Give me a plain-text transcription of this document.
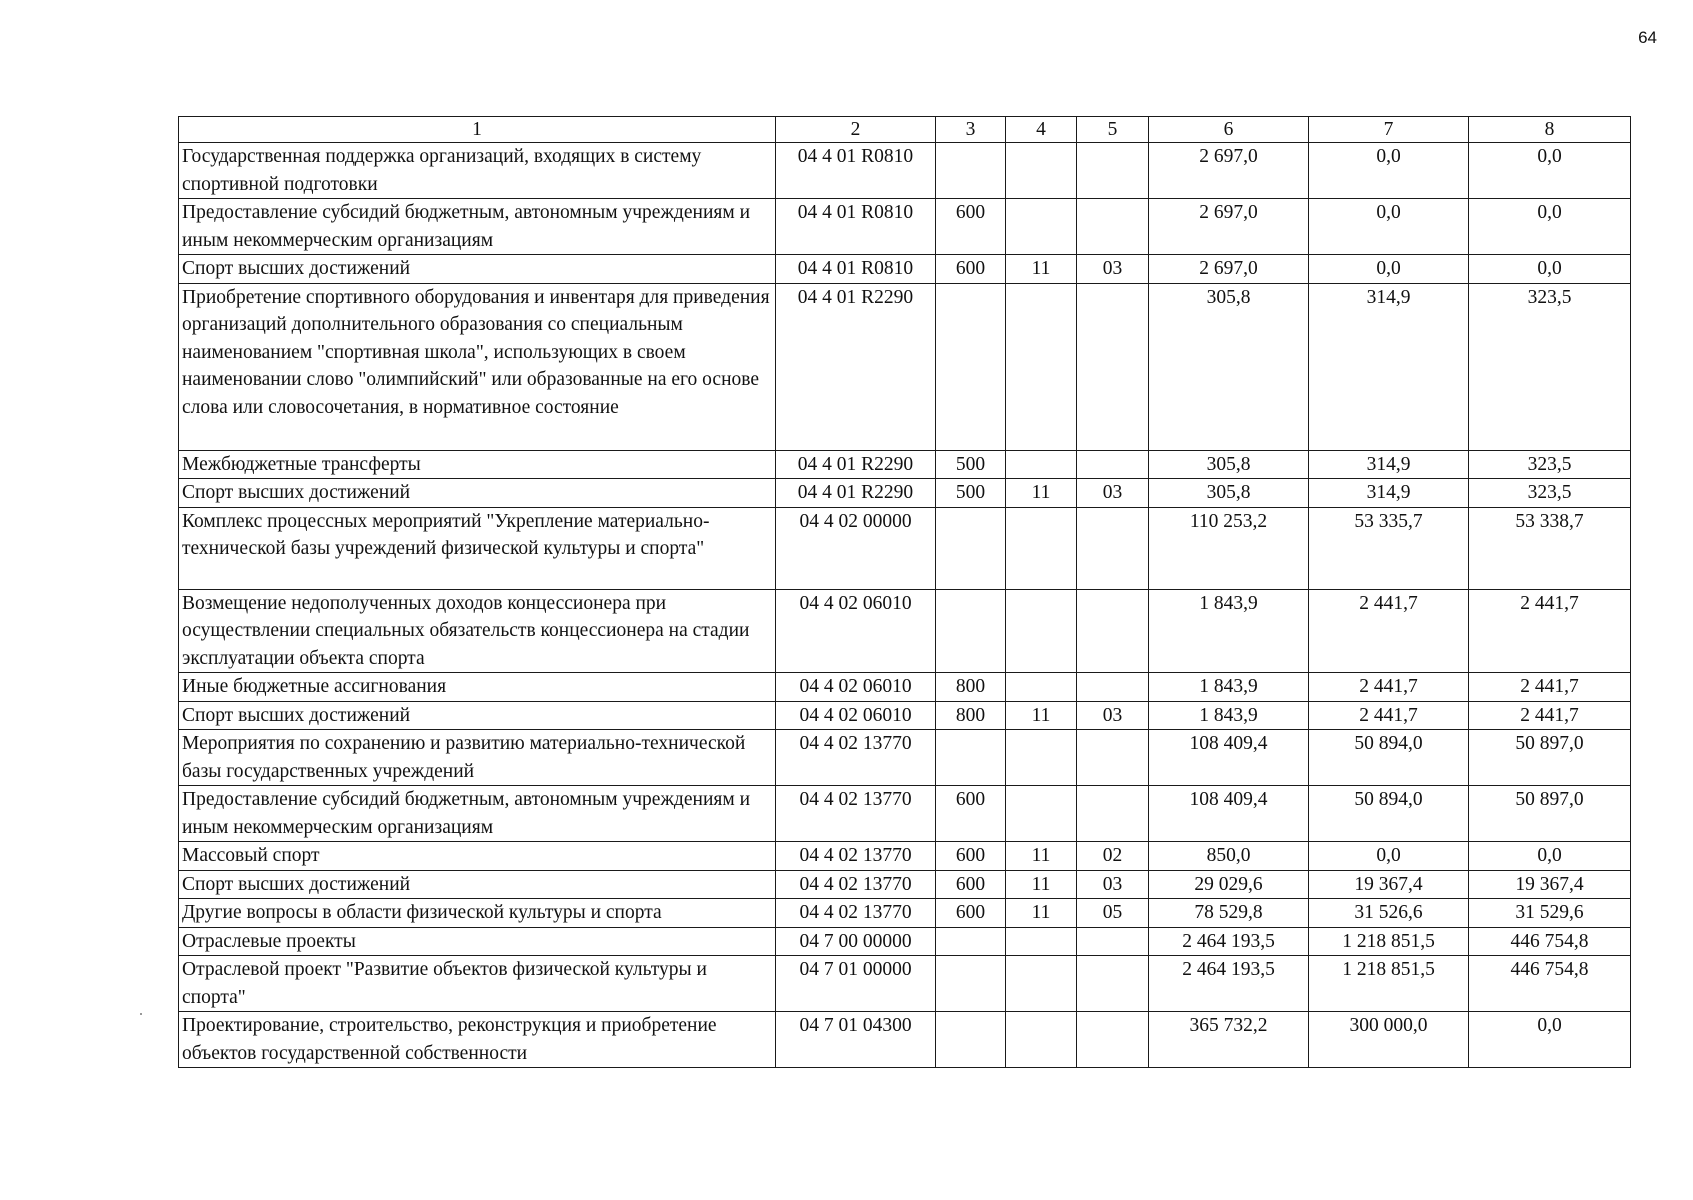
64
1	2	3	4	5	6	7	8
Государственная поддержка организаций, входящих в систему спортивной подготовки	04 4 01 R0810				2 697,0	0,0	0,0
Предоставление субсидий бюджетным, автономным учреждениям и иным некоммерческим организациям	04 4 01 R0810	600			2 697,0	0,0	0,0
Спорт высших достижений	04 4 01 R0810	600	11	03	2 697,0	0,0	0,0
Приобретение спортивного оборудования и инвентаря для приведения организаций дополнительного образования со специальным наименованием "спортивная школа", использующих в своем наименовании слово "олимпийский" или образованные на его основе слова или словосочетания, в нормативное состояние	04 4 01 R2290				305,8	314,9	323,5
Межбюджетные трансферты	04 4 01 R2290	500			305,8	314,9	323,5
Спорт высших достижений	04 4 01 R2290	500	11	03	305,8	314,9	323,5
Комплекс процессных мероприятий "Укрепление материально-технической базы учреждений физической культуры и спорта"	04 4 02 00000				110 253,2	53 335,7	53 338,7
Возмещение недополученных доходов концессионера при осуществлении специальных обязательств концессионера на стадии эксплуатации объекта спорта	04 4 02 06010				1 843,9	2 441,7	2 441,7
Иные бюджетные ассигнования	04 4 02 06010	800			1 843,9	2 441,7	2 441,7
Спорт высших достижений	04 4 02 06010	800	11	03	1 843,9	2 441,7	2 441,7
Мероприятия по сохранению и развитию материально-технической базы государственных учреждений	04 4 02 13770				108 409,4	50 894,0	50 897,0
Предоставление субсидий бюджетным, автономным учреждениям и иным некоммерческим организациям	04 4 02 13770	600			108 409,4	50 894,0	50 897,0
Массовый спорт	04 4 02 13770	600	11	02	850,0	0,0	0,0
Спорт высших достижений	04 4 02 13770	600	11	03	29 029,6	19 367,4	19 367,4
Другие вопросы в области физической культуры и спорта	04 4 02 13770	600	11	05	78 529,8	31 526,6	31 529,6
Отраслевые проекты	04 7 00 00000				2 464 193,5	1 218 851,5	446 754,8
Отраслевой проект "Развитие объектов физической культуры и спорта"	04 7 01 00000				2 464 193,5	1 218 851,5	446 754,8
Проектирование, строительство, реконструкция и приобретение объектов государственной собственности	04 7 01 04300				365 732,2	300 000,0	0,0
